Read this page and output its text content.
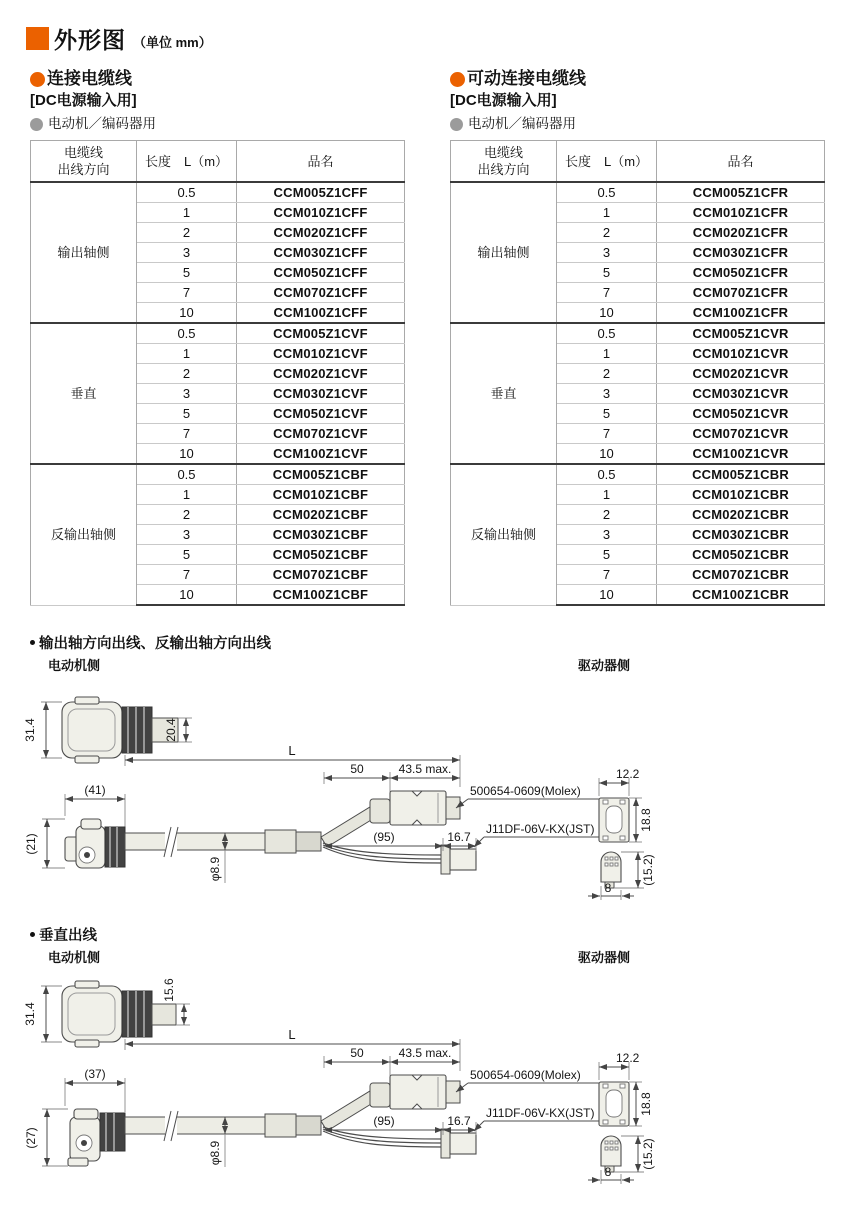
外形图 （单位 mm）
连接电缆线
[DC电源输入用]
电动机／编码器用
电缆线
出线方向	长度　L（m）	品名
输出轴侧	0.5	CCM005Z1CFF
	1	CCM010Z1CFF
	2	CCM020Z1CFF
	3	CCM030Z1CFF
	5	CCM050Z1CFF
	7	CCM070Z1CFF
	10	CCM100Z1CFF
垂直	0.5	CCM005Z1CVF
	1	CCM010Z1CVF
	2	CCM020Z1CVF
	3	CCM030Z1CVF
	5	CCM050Z1CVF
	7	CCM070Z1CVF
	10	CCM100Z1CVF
反输出轴侧	0.5	CCM005Z1CBF
	1	CCM010Z1CBF
	2	CCM020Z1CBF
	3	CCM030Z1CBF
	5	CCM050Z1CBF
	7	CCM070Z1CBF
	10	CCM100Z1CBF
可动连接电缆线
[DC电源输入用]
电动机／编码器用
电缆线
出线方向	长度　L（m）	品名
输出轴侧	0.5	CCM005Z1CFR
	1	CCM010Z1CFR
	2	CCM020Z1CFR
	3	CCM030Z1CFR
	5	CCM050Z1CFR
	7	CCM070Z1CFR
	10	CCM100Z1CFR
垂直	0.5	CCM005Z1CVR
	1	CCM010Z1CVR
	2	CCM020Z1CVR
	3	CCM030Z1CVR
	5	CCM050Z1CVR
	7	CCM070Z1CVR
	10	CCM100Z1CVR
反输出轴侧	0.5	CCM005Z1CBR
	1	CCM010Z1CBR
	2	CCM020Z1CBR
	3	CCM030Z1CBR
	5	CCM050Z1CBR
	7	CCM070Z1CBR
	10	CCM100Z1CBR
输出轴方向出线、反输出轴方向出线
电动机侧	驱动器侧
31.4	20.4
L
50	43.5 max.
(41)
(21)
φ8.9
(95)	16.7
500654-0609(Molex)
J11DF-06V-KX(JST)
12.2
18.8
8
(15.2)
垂直出线
电动机侧	驱动器侧
31.4
15.6
L
50	43.5 max.
(37)
(27)
φ8.9
(95)	16.7
500654-0609(Molex)
J11DF-06V-KX(JST)
12.2
18.8
8
(15.2)
